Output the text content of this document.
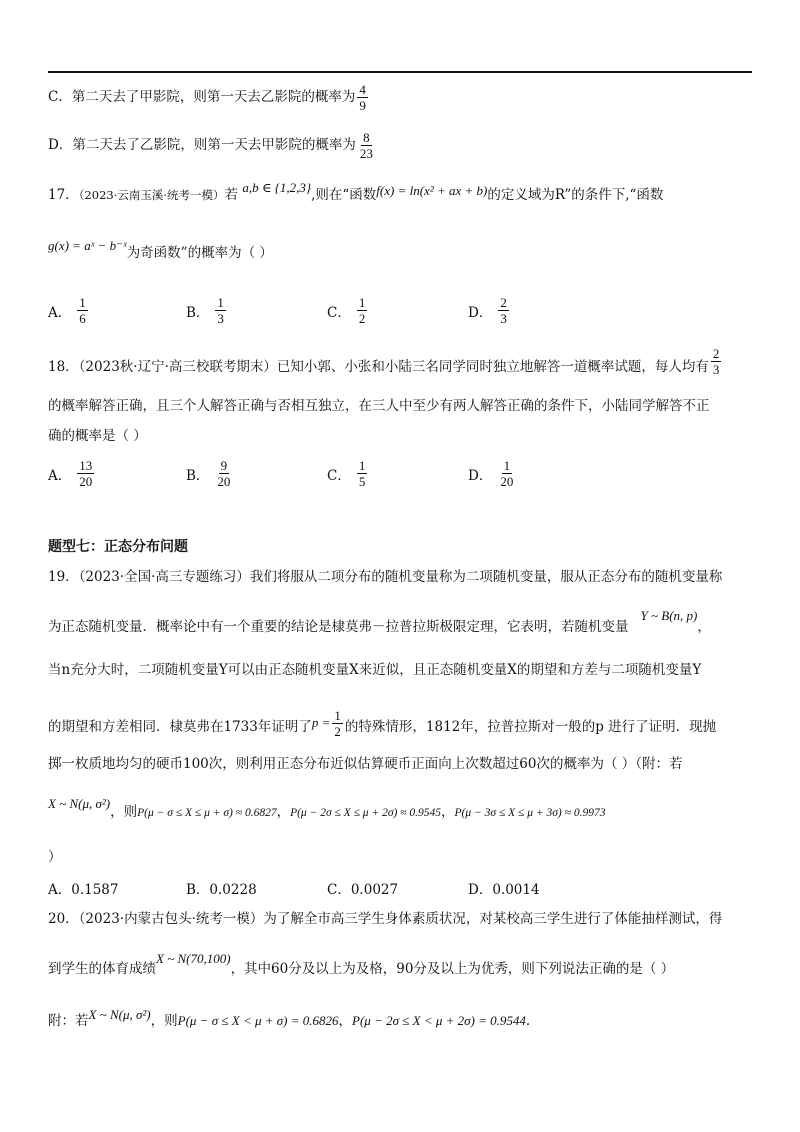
C．第二天去了甲影院，则第一天去乙影院的概率为 $\frac{4}{9}$
D．第二天去了乙影院，则第一天去甲影院的概率为 $\frac{8}{23}$
17．（2023·云南玉溪·统考一模）若 a,b ∈ {1,2,3},则在“函数f(x) = ln(x² + ax + b)的定义域为R”的条件下,“函数
g(x) = aˣ − b⁻ˣ为奇函数”的概率为（ ）
A． $\frac{1}{6}$	B． $\frac{1}{3}$	C． $\frac{1}{2}$	D． $\frac{2}{3}$
18．（2023秋·辽宁·高三校联考期末）已知小郭、小张和小陆三名同学同时独立地解答一道概率试题，每人均有 $\frac{2}{3}$
的概率解答正确，且三个人解答正确与否相互独立，在三人中至少有两人解答正确的条件下，小陆同学解答不正
确的概率是（ ）
A． $\frac{13}{20}$	B． $\frac{9}{20}$	C． $\frac{1}{5}$	D． $\frac{1}{20}$
题型七：正态分布问题
19．（2023·全国·高三专题练习）我们将服从二项分布的随机变量称为二项随机变量，服从正态分布的随机变量称
为正态随机变量．概率论中有一个重要的结论是棣莫弗－拉普拉斯极限定理，它表明，若随机变量Y ~ B(n, p)，
当n充分大时，二项随机变量Y可以由正态随机变量X来近似，且正态随机变量X的期望和方差与二项随机变量Y
的期望和方差相同．棣莫弗在1733年证明了$p = \frac{1}{2}$ 的特殊情形，1812年，拉普拉斯对一般的p 进行了证明．现抛
掷一枚质地均匀的硬币100次，则利用正态分布近似估算硬币正面向上次数超过60次的概率为（ ）（附：若
X ~ N(μ, σ²)，则P(μ − σ ≤ X ≤ μ + σ) ≈ 0.6827，P(μ − 2σ ≤ X ≤ μ + 2σ) ≈ 0.9545，P(μ − 3σ ≤ X ≤ μ + 3σ) ≈ 0.9973
）
A．0.1587	B．0.0228	C．0.0027	D．0.0014
20．（2023·内蒙古包头·统考一模）为了解全市高三学生身体素质状况，对某校高三学生进行了体能抽样测试，得
到学生的体育成绩X ~ N(70,100)，其中60分及以上为及格，90分及以上为优秀，则下列说法正确的是（ ）
附：若X ~ N(μ, σ²)，则P(μ − σ ≤ X < μ + σ) = 0.6826，P(μ − 2σ ≤ X < μ + 2σ) = 0.9544.
